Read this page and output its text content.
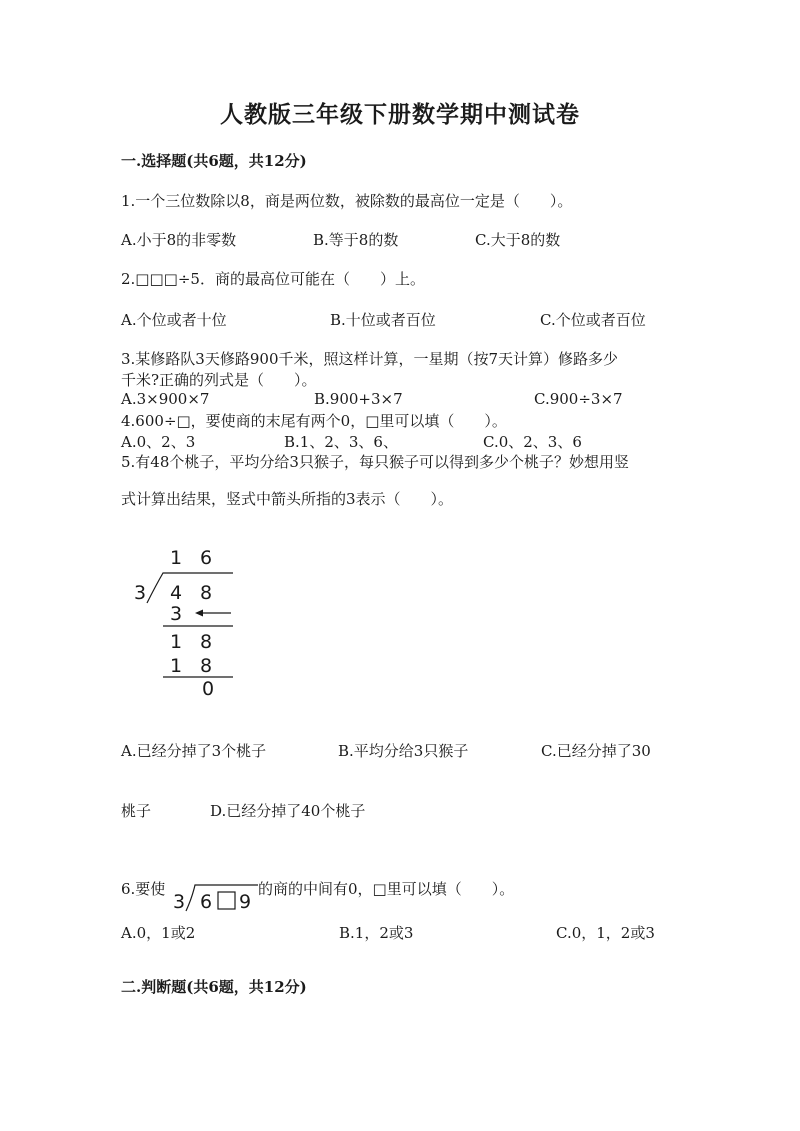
人教版三年级下册数学期中测试卷
一.选择题(共6题，共12分)
1.一个三位数除以8，商是两位数，被除数的最高位一定是（　　）。
A.小于8的非零数	B.等于8的数	C.大于8的数
2.□□□÷5．商的最高位可能在（　　）上。
A.个位或者十位	B.十位或者百位	C.个位或者百位
3.某修路队3天修路900千米，照这样计算，一星期（按7天计算）修路多少
千米?正确的列式是（　　）。
A.3×900×7	B.900+3×7	C.900÷3×7
4.600÷□，要使商的末尾有两个0，□里可以填（　　）。
A.0、2、3	B.1、2、3、6、	C.0、2、3、6
5.有48个桃子，平均分给3只猴子，每只猴子可以得到多少个桃子？妙想用竖
式计算出结果，竖式中箭头所指的3表示（　　）。
1 6
3 4 8
3
1 8
1 8
0
A.已经分掉了3个桃子	B.平均分给3只猴子	C.已经分掉了30
桃子	D.已经分掉了40个桃子
6.要使
3 6 9
的商的中间有0，□里可以填（　　）。
A.0，1或2	B.1，2或3	C.0，1，2或3
二.判断题(共6题，共12分)
